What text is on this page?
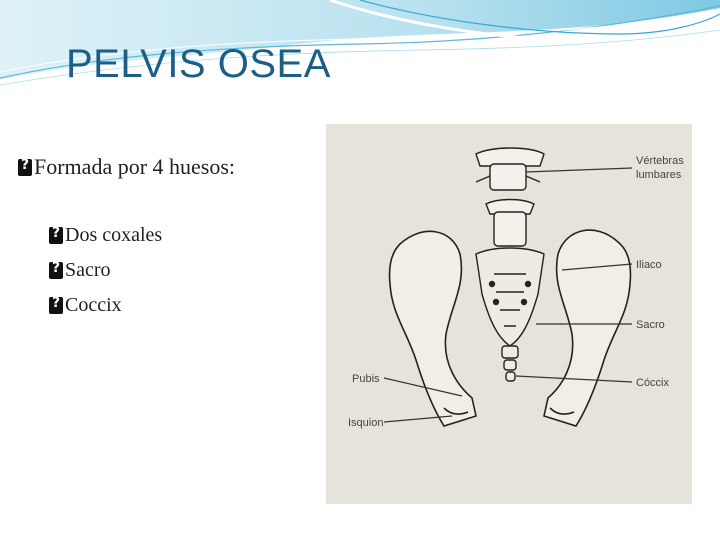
PELVIS OSEA
?
Formada por 4 huesos:
?
Dos coxales
?
Sacro
?
Coccix
Vértebras
lumbares
Iliaco
Sacro
Cóccix
Pubis
Isquion
